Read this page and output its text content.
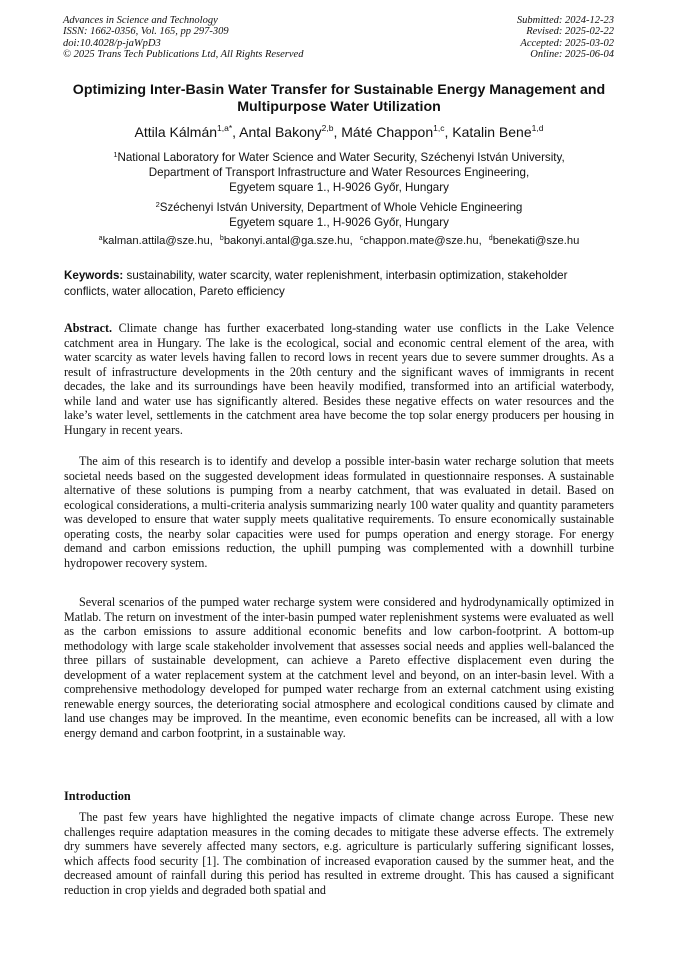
Advances in Science and Technology
ISSN: 1662-0356, Vol. 165, pp 297-309
doi:10.4028/p-jaWpD3
© 2025 Trans Tech Publications Ltd, All Rights Reserved
Submitted: 2024-12-23
Revised: 2025-02-22
Accepted: 2025-03-02
Online: 2025-06-04
Optimizing Inter-Basin Water Transfer for Sustainable Energy Management and Multipurpose Water Utilization
Attila Kálmán$^{1,a*}$, Antal Bakony$^{2,b}$, Máté Chappon$^{1,c}$, Katalin Bene$^{1,d}$
$^1$National Laboratory for Water Science and Water Security, Széchenyi István University,
Department of Transport Infrastructure and Water Resources Engineering,
Egyetem square 1., H-9026 Győr, Hungary
$^2$Széchenyi István University, Department of Whole Vehicle Engineering
Egyetem square 1., H-9026 Győr, Hungary
$^a$kalman.attila@sze.hu, $^b$bakonyi.antal@ga.sze.hu, $^c$chappon.mate@sze.hu, $^d$benekati@sze.hu
Keywords: sustainability, water scarcity, water replenishment, interbasin optimization, stakeholder conflicts, water allocation, Pareto efficiency

Abstract. Climate change has further exacerbated long-standing water use conflicts in the Lake Velence catchment area in Hungary. The lake is the ecological, social and economic central element of the area, with water scarcity as water levels having fallen to record lows in recent years due to severe summer droughts. As a result of infrastructure developments in the 20th century and the significant waves of immigrants in recent decades, the lake and its surroundings have been heavily modified, transformed into an artificial waterbody, while land and water use has significantly altered. Besides these negative effects on water resources and the lake’s water level, settlements in the catchment area have become the top solar energy producers per housing in Hungary in recent years.

The aim of this research is to identify and develop a possible inter-basin water recharge solution that meets societal needs based on the suggested development ideas formulated in questionnaire responses. A sustainable alternative of these solutions is pumping from a nearby catchment, that was evaluated in detail. Based on ecological considerations, a multi-criteria analysis summarizing nearly 100 water quality and quantity parameters was developed to ensure that water supply meets qualitative requirements. To ensure economically sustainable operating costs, the nearby solar capacities were used for pumps operation and energy storage. For energy demand and carbon emissions reduction, the uphill pumping was complemented with a downhill turbine hydropower recovery system.
Several scenarios of the pumped water recharge system were considered and hydrodynamically optimized in Matlab. The return on investment of the inter-basin pumped water replenishment systems were evaluated as well as the carbon emissions to assure additional economic benefits and low carbon-footprint. A bottom-up methodology with large scale stakeholder involvement that assesses social needs and applies well-balanced the three pillars of sustainable development, can achieve a Pareto effective displacement even during the development of a water replacement system at the catchment level and beyond, on an inter-basin level. With a comprehensive methodology developed for pumped water recharge from an external catchment using existing renewable energy sources, the deteriorating social atmosphere and ecological conditions caused by climate and land use changes may be improved. In the meantime, even economic benefits can be increased, all with a low energy demand and carbon footprint, in a sustainable way.
Introduction
The past few years have highlighted the negative impacts of climate change across Europe. These new challenges require adaptation measures in the coming decades to mitigate these adverse effects. The extremely dry summers have severely affected many sectors, e.g. agriculture is particularly suffering significant losses, which affects food security [1]. The combination of increased evaporation caused by the summer heat, and the decreased amount of rainfall during this period has resulted in extreme drought. This has caused a significant reduction in crop yields and degraded both spatial and
